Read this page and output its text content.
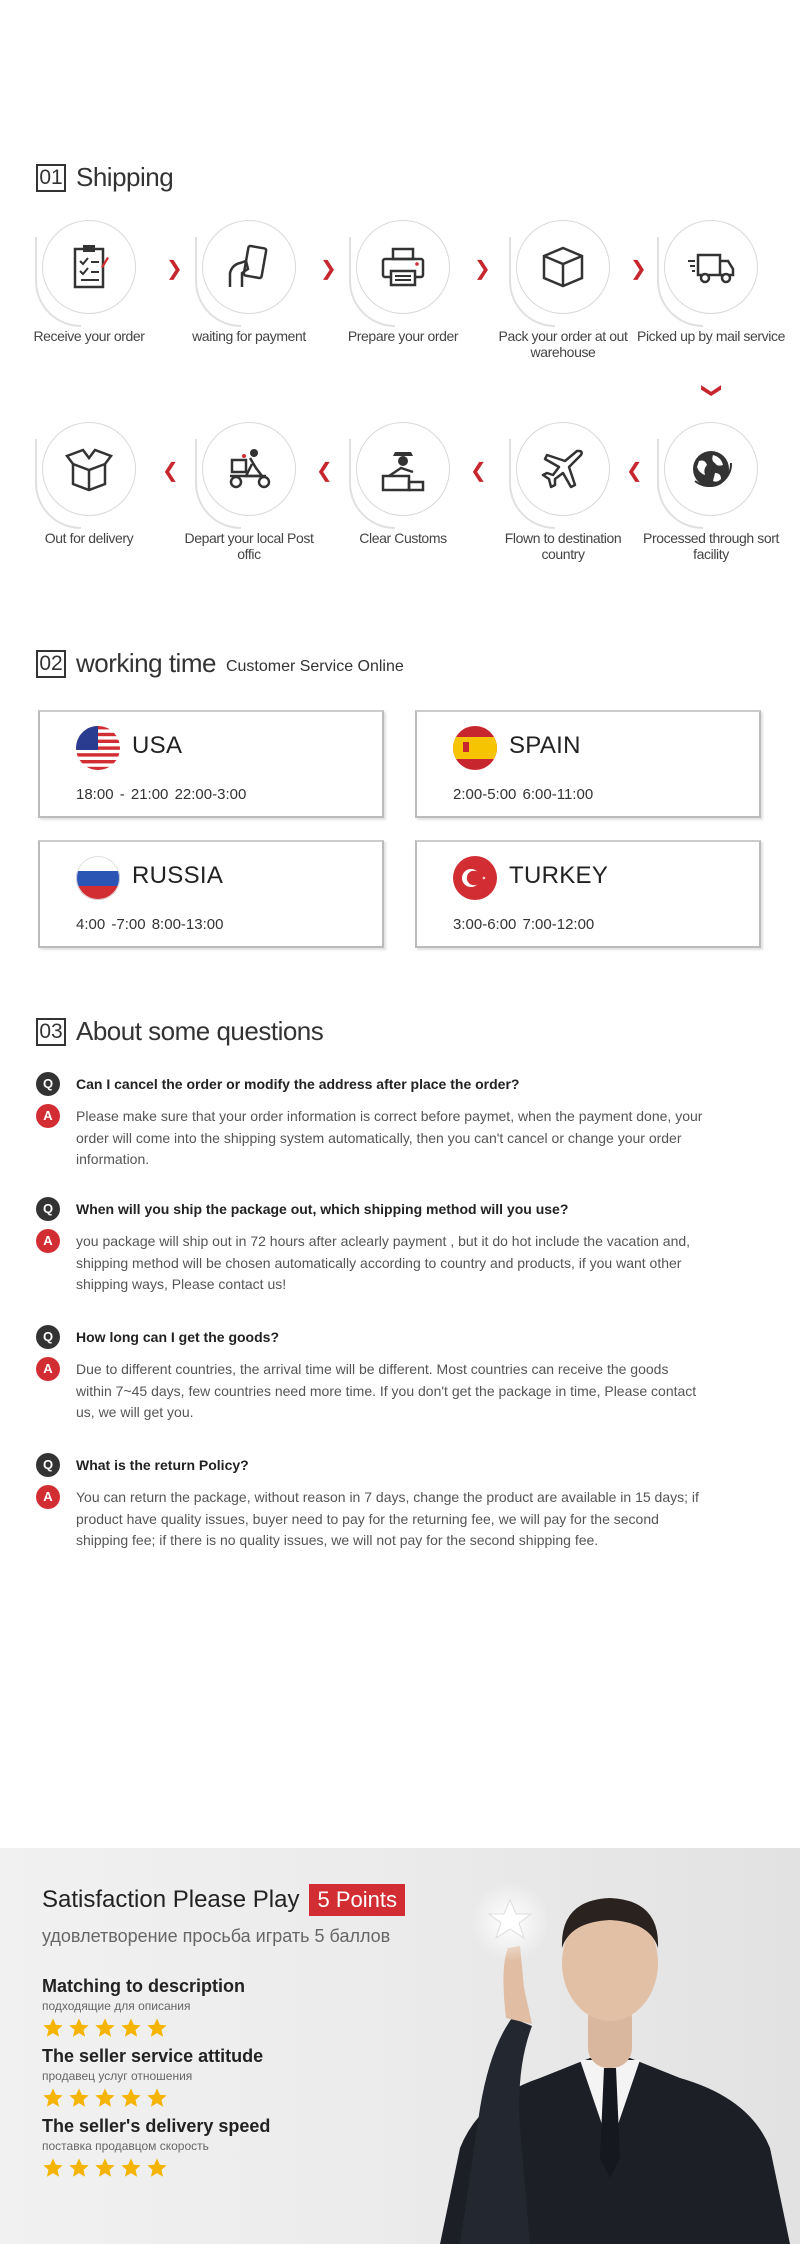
01 Shipping
Receive your order
❯
waiting for payment
❯
Prepare your order
❯
Pack your order at out warehouse
❯
Picked up by mail service
❯
Out for delivery
❮
Depart your local Post offic
❮
Clear Customs
❮
Flown to destination country
❮
Processed through sort facility
02 working time Customer Service Online
USA
18:00 - 21:00 22:00-3:00
SPAIN
2:00-5:00 6:00-11:00
RUSSIA
4:00 -7:00 8:00-13:00
TURKEY
3:00-6:00 7:00-12:00
03 About some questions
Q	Can I cancel the order or modify the address after place the order?
A	Please make sure that your order information is correct before paymet, when the payment done, your
order will come into the shipping system automatically, then you can't cancel or change your order
information.
Q	When will you ship the package out, which shipping method will you use?
A	you package will ship out in 72 hours after aclearly payment , but it do hot include the vacation and,
shipping method will be chosen automatically according to country and products, if you want other
shipping ways, Please contact us!
Q	How long can I get the goods?
A	Due to different countries, the arrival time will be different. Most countries can receive the goods
within 7~45 days, few countries need more time. If you don't get the package in time, Please contact
us, we will get you.
Q	What is the return Policy?
A	You can return the package, without reason in 7 days, change the product are available in 15 days; if
product have quality issues, buyer need to pay for the returning fee, we will pay for the second
shipping fee; if there is no quality issues, we will not pay for the second shipping fee.
Satisfaction Please Play 5 Points
удовлетворение просьба играть 5 баллов
Matching to description
подходящие для описания
The seller service attitude
продавец услуг отношения
The seller's delivery speed
поставка продавцом скорость
